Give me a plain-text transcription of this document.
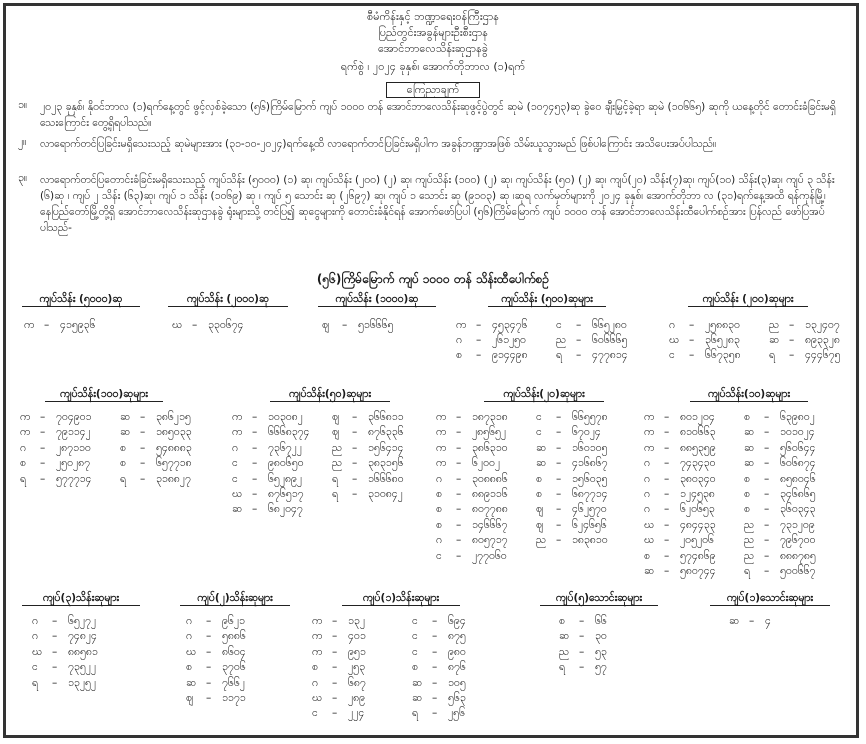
စီမံကိန်းနှင့် ဘဏ္ဍာရေးဝန်ကြီးဌာန
ပြည်တွင်းအခွန်များဦးစီးဌာန
အောင်ဘာလေသိန်းဆုဌာနခွဲ
ရက်စွဲ ၊ ၂၀၂၄ ခုနှစ်၊ အောက်တိုဘာလ (၁)ရက်
ကြေညာချက်
၁။ ၂၀၂၃ ခုနှစ်၊ နိုဝင်ဘာလ (၁)ရက်နေ့တွင် ဖွင့်လှစ်ခဲ့သော (၅၆)ကြိမ်မြောက် ကျပ် ၁၀၀၀ တန် အောင်ဘာလေသိန်းဆုဖွင့်ပွဲတွင် ဆုမဲ (၁၀၇၄၅၃)ဆု ခွဲဝေ ချီးမြှင့်ခဲ့ရာ ဆုမဲ (၁၀၆၆၅) ဆုကို ယနေ့တိုင် တောင်းခံခြင်းမရှိသေးကြောင်း တွေ့ရှိရပါသည်။
၂။ လာရောက်တင်ပြခြင်းမရှိသေးသည့် ဆုမဲများအား (၃၁-၁၀-၂၀၂၄)ရက်နေ့ထိ လာရောက်တင်ပြခြင်းမရှိပါက အခွန်ဘဏ္ဍာအဖြစ် သိမ်းယူသွားမည် ဖြစ်ပါကြောင်း အသိပေးအပ်ပါသည်။
၃။ လာရောက်တင်ပြတောင်းခံခြင်းမရှိသေးသည့် ကျပ်သိန်း (၅၀၀၀) (၁) ဆု၊ ကျပ်သိန်း (၂၀၀) (၂) ဆု၊ ကျပ်သိန်း (၁၀၀) (၂) ဆု၊ ကျပ်သိန်း (၅၀) (၂) ဆု၊ ကျပ်(၂၀) သိန်း(၇)ဆု၊ ကျပ်(၁၀) သိန်း(၃)ဆု၊ ကျပ် ၃ သိန်း (၆)ဆု ၊ ကျပ် ၂ သိန်း (၆၃)ဆု၊ ကျပ် ၁ သိန်း (၁၀၆၉) ဆု ၊ ကျပ် ၅ သောင်း ဆု (၂၆၉၇) ဆု၊ ကျပ် ၁ သောင်း ဆု (၉၁၀၃) ဆု ၊ဆုရ လက်မှတ်များကို ၂၀၂၄ ခုနှစ်၊ အောက်တိုဘာ လ (၃၁)ရက်နေ့အထိ ရန်ကုန်မြို့၊ နေပြည်တော်မြို့တို့ရှိ အောင်ဘာလေသိန်းဆုဌာနခွဲ ရုံးများသို့ တင်ပြ၍ ဆုငွေများကို တောင်းခံနိုင်ရန် အောက်ဖော်ပြပါ (၅၆)ကြိမ်မြောက် ကျပ် ၁၀၀၀ တန် အောင်ဘာလေသိန်းထီပေါက်စဉ်အား ပြန်လည် ဖော်ပြအပ်ပါသည်-
(၅၆)ကြိမ်မြောက် ကျပ် ၁၀၀၀ တန် သိန်းထီပေါက်စဉ်
ကျပ်သိန်း (၅၀၀၀)ဆု
က – ၄၁၅၉၃၆
ကျပ်သိန်း (၂၀၀၀)ဆု
ဃ – ၃၃၀၆၇၄
ကျပ်သိန်း (၁၀၀၀)ဆု
ဈ – ၅၁၆၆၆၅
ကျပ်သိန်း (၅၀၀)ဆုများ
က – ၄၅၃၄၇၆	င – ၆၆၅၂၈၀
ဂ – ၂၆၁၂၅၀	ည – ၆၀၆၆၆၅
စ – ၉၁၄၄၉၈	ရ – ၄၇၇၈၁၄
ကျပ်သိန်း (၂၀၀)ဆုများ
ဂ – ၂၅၈၈၃၀	ည – ၁၃၂၄၀၇
ဃ – ၃၆၅၂၈၃	ဆ – ၈၉၃၃၂၈
င – ၆၆၇၃၅၈	ရ – ၄၄၄၆၇၅
ကျပ်သိန်း(၁၀၀)ဆုများ
က – ၇၀၄၉၀၁	ဆ – ၃၈၆၂၁၅
က – ၇၉၁၁၄၂	ဆ – ၁၈၅၀၃၃
ဂ – ၂၈၇၁၁၀	စ – ၅၄၈၈၈၃
စ – ၂၅၀၂၈၇	စ – ၆၅၇၇၁၈
ရ – ၅၇၇၇၁၄	ရ – ၃၁၈၈၂၇
ကျပ်သိန်း(၅၀)ဆုများ
က – ၁၀၃၀၈၂	ဈ – ၃၆၆၈၁၁
က – ၆၆၆၈၃၇၄ ဈ – ၈၇၆၃၃၆
ဂ – ၇၃၆၇၂၂	ည – ၁၅၆၄၁၄
င – ၉၈၀၆၅၀	ည – ၃၈၃၁၅၆
င – ၆၅၂၈၉၂	ရ – ၁၆၆၆၈၀
ဃ – ၈၇၆၅၁၇	ရ – ၃၁၀၈၄၂
ဆ – ၆၈၂၀၄၇
ကျပ်သိန်း(၂၀)ဆုများ
က – ၁၈၇၃၁၈	င – ၆၆၅၅၇၈
က – ၂၈၅၆၅၂	င – ၆၇၀၂၄
က – ၃၈၆၃၁၀	ဆ – ၁၆၀၁၀၅
က – ၆၂၀၀၂	ဆ – ၄၁၆၈၆၇
ဂ – ၃၀၈၈၈၆	စ – ၁၅၆၀၃၅
စ – ၈၈၉၁၁၆	စ – ၆၈၇၇၁၄
စ – ၈၀၇၇၈၈	ဈ – ၄၆၂၅၇၀
စ – ၁၄၆၆၆၇	ဈ – ၆၂၄၆၅၆
ဂ – ၈၀၅၇၁၇	ည – ၁၈၃၈၁၀
င – ၂၇၇၀၆၀
ကျပ်သိန်း(၁၀)ဆုများ
က – ၈၀၁၂၀၄	စ – ၆၃၉၈၀၂
က – ၈၁၀၆၆၃	ဆ – ၁၀၁၀၂၄
က – ၈၈၅၃၅၉	ဆ – ၅၆၀၆၄၄
ဂ – ၇၄၃၄၃၀	ဆ – ၆၀၆၈၇၄
ဂ – ၃၈၀၃၄၀	စ – ၈၅၈၀၄၆
ဂ – ၁၂၄၅၃၈	စ – ၃၄၆၈၆၅
ဂ – ၆၂၀၆၅၃	စ – ၃၆၀၃၄၃
ဃ – ၄၈၄၄၃၃	ည – ၇၃၁၂၀၉
ဃ – ၂၀၅၂၀၆	ည – ၇၉၆၇၀၀
စ – ၅၇၄၈၆၉	ည – ၈၈၈၇၈၅
ဆ – ၅၈၀၇၄၄	ရ – ၅၀၀၆၆၇
ကျပ်(၃)သိန်းဆုများ
ဂ – ၆၅၂၇၂
ဂ – ၇၄၈၂၄
ဃ – ၈၈၅၈၁
င – ၇၃၅၂၂
ရ – ၁၃၂၅၂
ကျပ်(၂)သိန်းဆုများ
ဂ – ၉၆၂၁
ဂ – ၅၈၈၆
ဃ – ၈၆၀၄
စ – ၃၇၀၆
ဆ – ၇၆၆၂
ဈ – ၁၁၇၁
ကျပ်(၁)သိန်းဆုများ
က – ၁၃၂	င – ၆၉၄
က – ၄၀၁	င – ၈၇၅
က – ၉၅၁	င – ၉၈၀
စ – ၂၅၃	စ – ၈၇၆
ဂ – ၆၈၇	ဆ – ၁၀၅
ဃ – ၂၈၉	ဆ – ၅၆၃
င – ၂၂၄	ရ – ၂၅၆
ကျပ်(၅)သောင်းဆုများ
စ – ၆၆
ဆ – ၃၀
ည – ၅၃
ရ – ၅၇
ကျပ်(၁)သောင်းဆုများ
ဆ – ၄
